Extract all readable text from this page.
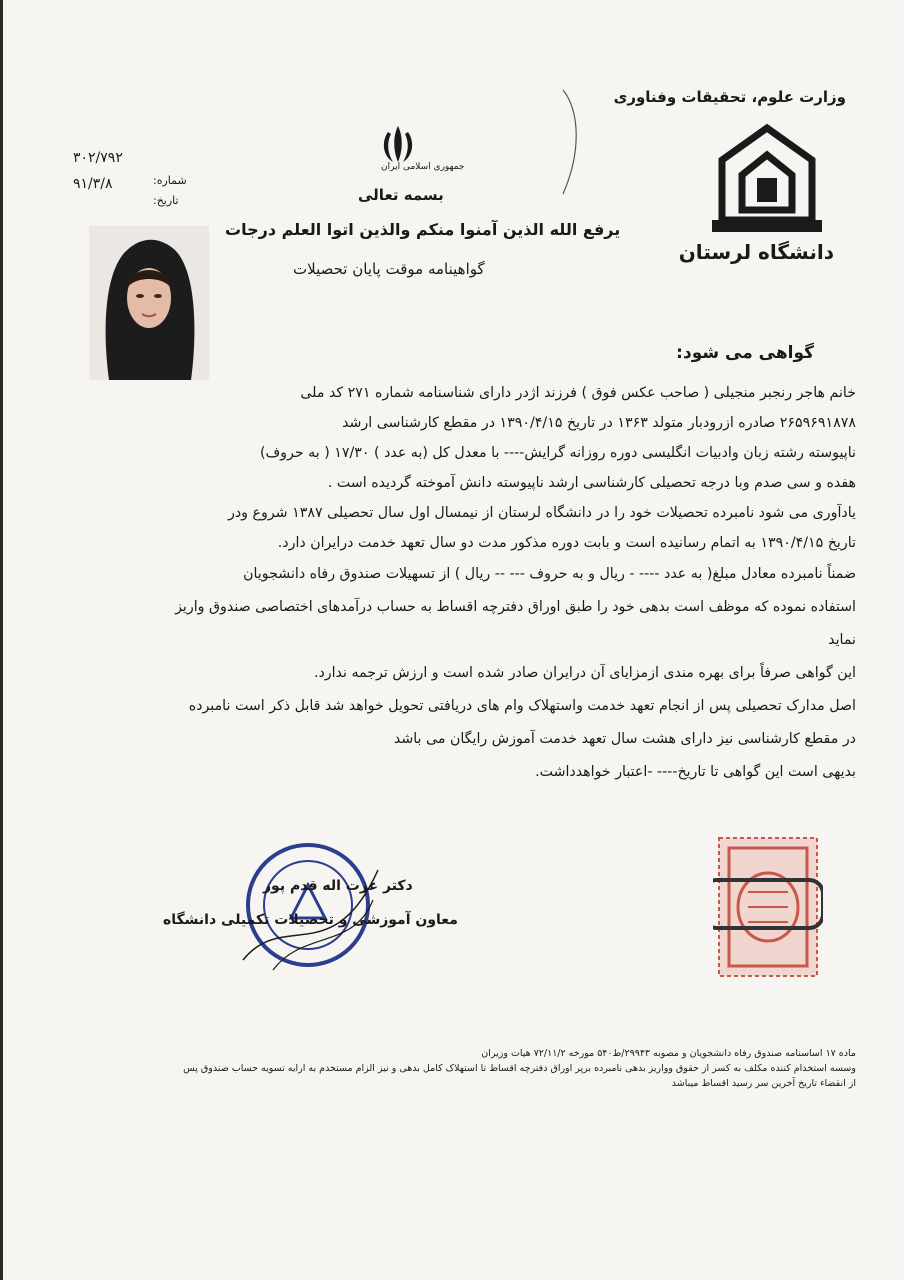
وزارت علوم، تحقیقات وفناوری
دانشگاه لرستان
جمهوری اسلامی ایران
بسمه تعالی
یرفع الله الذین آمنوا منکم والذین اتوا العلم درجات
گواهینامه موقت پایان تحصیلات
۳۰۲/۷۹۲
۹۱/۳/۸	شماره:
تاریخ:
گواهی می شود:
خانم هاجر رنجبر منجیلی ( صاحب عکس فوق ) فرزند اژدر دارای شناسنامه شماره ۲۷۱ کد ملی
۲۶۵۹۶۹۱۸۷۸ صادره ازرودبار متولد ۱۳۶۳ در تاریخ ۱۳۹۰/۴/۱۵ در مقطع کارشناسی ارشد
ناپیوسته رشته زبان وادبیات انگلیسی دوره روزانه گرایش---- با معدل کل (به عدد ) ۱۷/۳۰ ( به حروف)
هفده و سی صدم وبا درجه تحصیلی کارشناسی ارشد ناپیوسته دانش آموخته گردیده است .
یادآوری می شود نامبرده تحصیلات خود را در دانشگاه لرستان از نیمسال اول سال تحصیلی ۱۳۸۷ شروع ودر
تاریخ ۱۳۹۰/۴/۱۵ به اتمام رسانیده است و بابت دوره مذکور مدت دو سال تعهد خدمت درایران دارد.
ضمناً نامبرده معادل مبلغ( به عدد ---- - ریال و به حروف --- -- ریال ) از تسهیلات صندوق رفاه دانشجویان
استفاده نموده که موظف است بدهی خود را طبق اوراق دفترچه اقساط به حساب درآمدهای اختصاصی صندوق واریز
نماید
این گواهی صرفاً برای بهره مندی ازمزایای آن درایران صادر شده است و ارزش ترجمه ندارد.
اصل مدارک تحصیلی پس از انجام تعهد خدمت واستهلاک وام های دریافتی تحویل خواهد شد قابل ذکر است نامبرده
در مقطع کارشناسی نیز دارای هشت سال تعهد خدمت آموزش رایگان می باشد
بدیهی است این گواهی تا تاریخ---- -اعتبار خواهدداشت.
دکتر عزت اله قدم پور
معاون آموزشی و تحصیلات تکمیلی دانشگاه
ماده ۱۷ اساسنامه صندوق رفاه دانشجویان و مصوبه ۲۹۹۴۳/ط۵۴۰ مورخه ۷۲/۱۱/۲ هیات وزیران
وسسه استخدام کننده مکلف به کسر از حقوق وواریز بدهی نامبرده برپر اوراق دفترچه اقساط تا استهلاک کامل بدهی و نیز الزام مستخدم به ارایه تسویه حساب صندوق پس
از انقضاء تاریخ آخرین سر رسید اقساط میباشد
